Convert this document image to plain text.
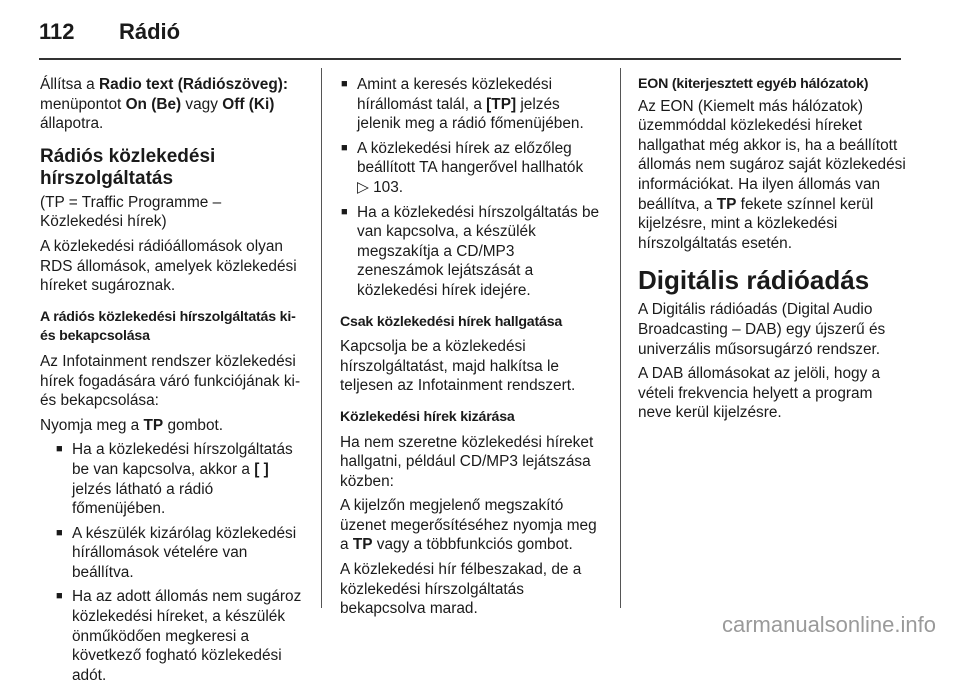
112	Rádió

Állítsa a Radio text (Rádiószöveg): menüpontot On (Be) vagy Off (Ki) állapotra.

Rádiós közlekedési hírszolgáltatás

(TP = Traffic Programme – Közlekedési hírek)

A közlekedési rádióállomások olyan RDS állomások, amelyek közlekedési híreket sugároznak.

A rádiós közlekedési hírszolgáltatás ki- és bekapcsolása

Az Infotainment rendszer közlekedési hírek fogadására váró funkciójának ki- és bekapcsolása:

Nyomja meg a TP gombot.

■ Ha a közlekedési hírszolgáltatás be van kapcsolva, akkor a [ ] jelzés látható a rádió főmenüjében.
■ A készülék kizárólag közlekedési hírállomások vételére van beállítva.
■ Ha az adott állomás nem sugároz közlekedési híreket, a készülék önműködően megkeresi a következő fogható közlekedési adót.
■ Amint a keresés közlekedési hírállomást talál, a [TP] jelzés jelenik meg a rádió főmenüjében.
■ A közlekedési hírek az előzőleg beállított TA hangerővel hallhatók
▷ 103.
■ Ha a közlekedési hírszolgáltatás be van kapcsolva, a készülék megszakítja a CD/MP3 zeneszámok lejátszását a közlekedési hírek idejére.

Csak közlekedési hírek hallgatása

Kapcsolja be a közlekedési hírszolgáltatást, majd halkítsa le teljesen az Infotainment rendszert.

Közlekedési hírek kizárása

Ha nem szeretne közlekedési híreket hallgatni, például CD/MP3 lejátszása közben:

A kijelzőn megjelenő megszakító üzenet megerősítéséhez nyomja meg a TP vagy a többfunkciós gombot.

A közlekedési hír félbeszakad, de a közlekedési hírszolgáltatás bekapcsolva marad.

EON (kiterjesztett egyéb hálózatok)

Az EON (Kiemelt más hálózatok) üzemmóddal közlekedési híreket hallgathat még akkor is, ha a beállított állomás nem sugároz saját közlekedési információkat. Ha ilyen állomás van beállítva, a TP fekete színnel kerül kijelzésre, mint a közlekedési hírszolgáltatás esetén.

Digitális rádióadás

A Digitális rádióadás (Digital Audio Broadcasting – DAB) egy újszerű és univerzális műsorsugárzó rendszer.

A DAB állomásokat az jelöli, hogy a vételi frekvencia helyett a program neve kerül kijelzésre.

carmanualsonline.info
